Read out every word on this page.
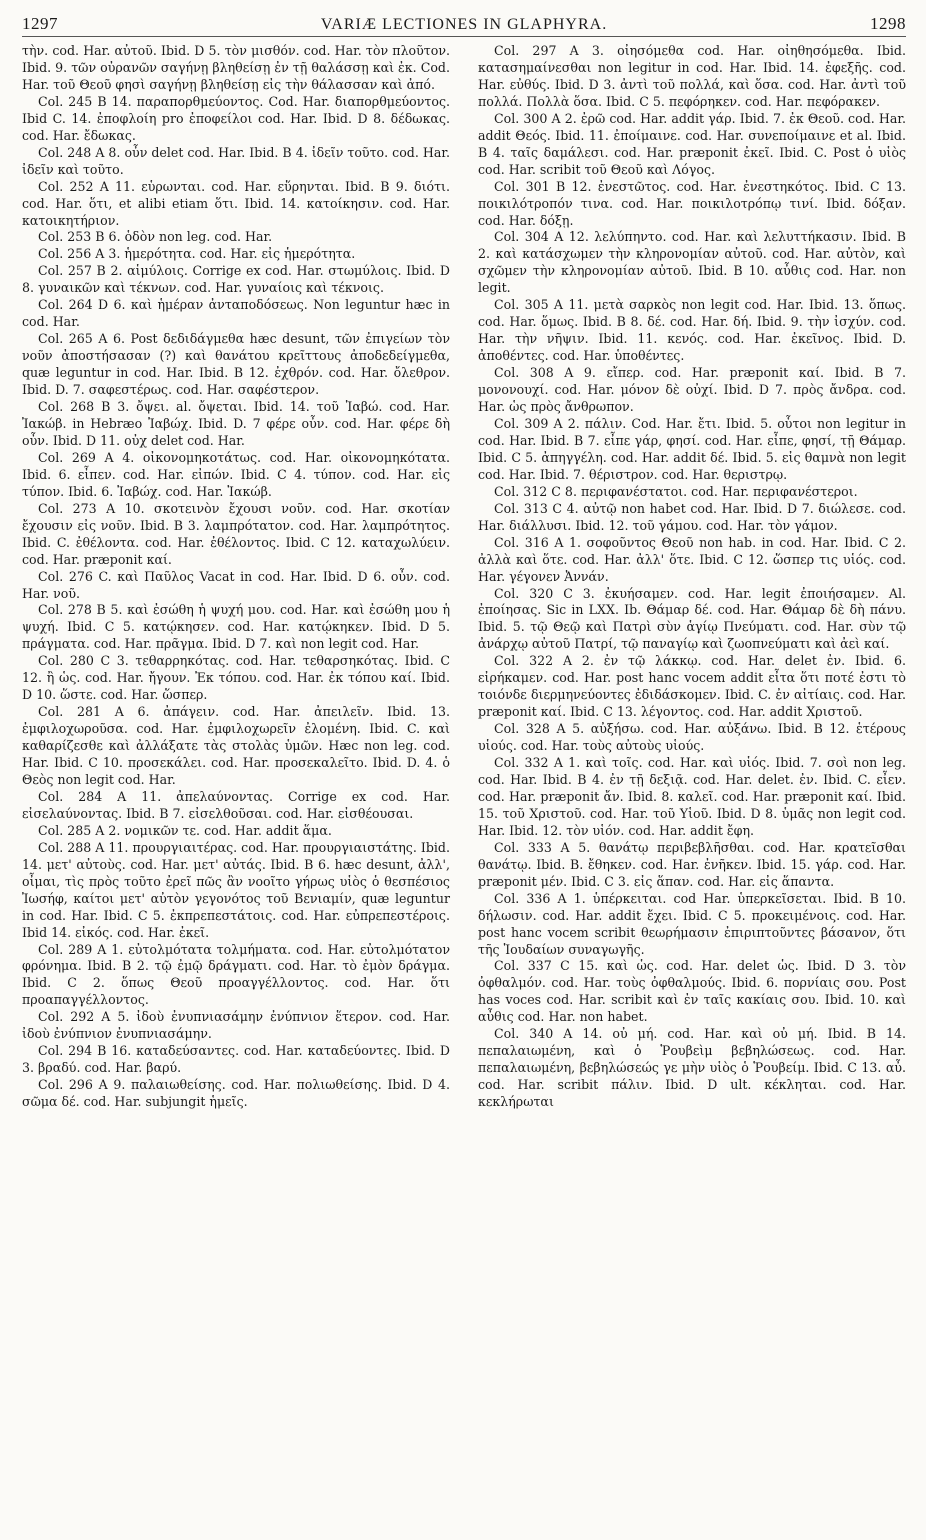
1297	VARIÆ LECTIONES IN GLAPHYRA.	1298

τὴν. cod. Har. αὐτοῦ. Ibid. D 5. τὸν μισθόν. cod. Har. τὸν πλοῦτον. Ibid. 9. τῶν οὐρανῶν σαγήνῃ βληθείσῃ ἐν τῇ θαλάσσῃ καὶ ἐκ. Cod. Har. τοῦ Θεοῦ φησὶ σαγήνῃ βληθείσῃ εἰς τὴν θάλασσαν καὶ ἀπό.

Col. 245 B 14. παραπορθμεύοντος. Cod. Har. διαπορθμεύοντος. Ibid C. 14. ἐποφλοίη pro ἐποφείλοι cod. Har. Ibid. D 8. δέδωκας. cod. Har. ἔδωκας.

Col. 248 A 8. οὖν delet cod. Har. Ibid. B 4. ἰδεῖν τοῦτο. cod. Har. ἰδεῖν καὶ τοῦτο.

Col. 252 A 11. εὑρωνται. cod. Har. εὕρηνται. Ibid. B 9. διότι. cod. Har. ὅτι, et alibi etiam ὅτι. Ibid. 14. κατοίκησιν. cod. Har. κατοικητήριον.

Col. 253 B 6. ὁδὸν non leg. cod. Har.

Col. 256 A 3. ἡμερότητα. cod. Har. εἰς ἡμερότητα.

Col. 257 B 2. αἱμύλοις. Corrige ex cod. Har. στωμύλοις. Ibid. D 8. γυναικῶν καὶ τέκνων. cod. Har. γυναίοις καὶ τέκνοις.

Col. 264 D 6. καὶ ἡμέραν ἀνταποδόσεως. Non leguntur hæc in cod. Har.

Col. 265 A 6. Post δεδιδάγμεθα hæc desunt, τῶν ἐπιγείων τὸν νοῦν ἀποστήσασαν (?) καὶ θανάτου κρεῖττους ἀποδεδείγμεθα, quæ leguntur in cod. Har. Ibid. B 12. ἐχθρόν. cod. Har. ὄλεθρον. Ibid. D. 7. σαφεστέρως. cod. Har. σαφέστερον.

Col. 268 B 3. ὄψει. al. ὄψεται. Ibid. 14. τοῦ Ἰαβώ. cod. Har. Ἰακώβ. in Hebræo Ἰαβώχ. Ibid. D. 7 φέρε οὖν. cod. Har. φέρε δὴ οὖν. Ibid. D 11. οὐχ delet cod. Har.

Col. 269 A 4. οἰκονομηκοτάτως. cod. Har. οἰκονομηκότατα. Ibid. 6. εἶπεν. cod. Har. εἰπών. Ibid. C 4. τύπον. cod. Har. εἰς τύπον. Ibid. 6. Ἰαβώχ. cod. Har. Ἰακώβ.

Col. 273 A 10. σκοτεινὸν ἔχουσι νοῦν. cod. Har. σκοτίαν ἔχουσιν εἰς νοῦν. Ibid. B 3. λαμπρότατον. cod. Har. λαμπρότητος. Ibid. C. ἐθέλοντα. cod. Har. ἐθέλοντος. Ibid. C 12. καταχωλύειν. cod. Har. præponit καί.

Col. 276 C. καὶ Παῦλος Vacat in cod. Har. Ibid. D 6. οὖν. cod. Har. νοῦ.

Col. 278 B 5. καὶ ἐσώθη ἡ ψυχή μου. cod. Har. καὶ ἐσώθη μου ἡ ψυχή. Ibid. C 5. κατῴκησεν. cod. Har. κατῴκηκεν. Ibid. D 5. πράγματα. cod. Har. πρᾶγμα. Ibid. D 7. καὶ non legit cod. Har.

Col. 280 C 3. τεθαρρηκότας. cod. Har. τεθαρσηκότας. Ibid. C 12. ἢ ὡς. cod. Har. ἤγουν. Ἐκ τόπου. cod. Har. ἐκ τόπου καί. Ibid. D 10. ὥστε. cod. Har. ὥσπερ.

Col. 281 A 6. ἀπάγειν. cod. Har. ἀπειλεῖν. Ibid. 13. ἐμφιλοχωροῦσα. cod. Har. ἐμφιλοχωρεῖν ἐλομένη. Ibid. C. καὶ καθαρίζεσθε καὶ ἀλλάξατε τὰς στολὰς ὑμῶν. Hæc non leg. cod. Har. Ibid. C 10. προσεκάλει. cod. Har. προσεκαλεῖτο. Ibid. D. 4. ὁ Θεὸς non legit cod. Har.

Col. 284 A 11. ἀπελαύνοντας. Corrige ex cod. Har. εἰσελαύνοντας. Ibid. B 7. εἰσελθοῦσαι. cod. Har. εἰσθέουσαι.

Col. 285 A 2. νομικῶν τε. cod. Har. addit ἅμα.

Col. 288 A 11. προυργιαιτέρας. cod. Har. προυργιαιστάτης. Ibid. 14. μετ' αὐτοὺς. cod. Har. μετ' αὐτάς. Ibid. B 6. hæc desunt, ἀλλ', οἶμαι, τὶς πρὸς τοῦτο ἐρεῖ πῶς ἂν νοοῖτο γήρως υἱὸς ὁ θεσπέσιος Ἰωσήφ, καίτοι μετ' αὐτὸν γεγονότος τοῦ Βενιαμίν, quæ leguntur in cod. Har. Ibid. C 5. ἐκπρεπεστάτοις. cod. Har. εὐπρεπεστέροις. Ibid 14. εἰκός. cod. Har. ἐκεῖ.

Col. 289 A 1. εὐτολμότατα τολμήματα. cod. Har. εὐτολμότατον φρόνημα. Ibid. B 2. τῷ ἐμῷ δράγματι. cod. Har. τὸ ἐμὸν δράγμα. Ibid. C 2. ὅπως Θεοῦ προαγγέλλοντος. cod. Har. ὅτι προαπαγγέλλοντος.

Col. 292 A 5. ἰδοὺ ἐνυπνιασάμην ἐνύπνιον ἕτερον. cod. Har. ἰδοὺ ἐνύπνιον ἐνυπνιασάμην.

Col. 294 B 16. καταδεύσαντες. cod. Har. καταδεύοντες. Ibid. D 3. βραδύ. cod. Har. βαρύ.

Col. 296 A 9. παλαιωθείσης. cod. Har. πολιωθείσης. Ibid. D 4. σῶμα δέ. cod. Har. subjungit ἡμεῖς.

Col. 297 A 3. οἰησόμεθα cod. Har. οἰηθησόμεθα. Ibid. κατασημαίνεσθαι non legitur in cod. Har. Ibid. 14. ἐφεξῆς. cod. Har. εὐθύς. Ibid. D 3. ἀντὶ τοῦ πολλά, καὶ ὅσα. cod. Har. ἀντὶ τοῦ πολλά. Πολλὰ ὅσα. Ibid. C 5. πεφόρηκεν. cod. Har. πεφόρακεν.

Col. 300 A 2. ἐρῶ cod. Har. addit γάρ. Ibid. 7. ἐκ Θεοῦ. cod. Har. addit Θεός. Ibid. 11. ἐποίμαινε. cod. Har. συνεποίμαινε et al. Ibid. B 4. ταῖς δαμάλεσι. cod. Har. præponit ἐκεῖ. Ibid. C. Post ὁ υἱὸς cod. Har. scribit τοῦ Θεοῦ καὶ Λόγος.

Col. 301 B 12. ἐνεστῶτος. cod. Har. ἐνεστηκότος. Ibid. C 13. ποικιλότροπόν τινα. cod. Har. ποικιλοτρόπῳ τινί. Ibid. δόξαν. cod. Har. δόξῃ.

Col. 304 A 12. λελύπηντο. cod. Har. καὶ λελυττήκασιν. Ibid. B 2. καὶ κατάσχωμεν τὴν κληρονομίαν αὐτοῦ. cod. Har. αὐτὸν, καὶ σχῶμεν τὴν κληρονομίαν αὐτοῦ. Ibid. B 10. αὖθις cod. Har. non legit.

Col. 305 A 11. μετὰ σαρκὸς non legit cod. Har. Ibid. 13. ὅπως. cod. Har. ὅμως. Ibid. B 8. δέ. cod. Har. δή. Ibid. 9. τὴν ἰσχύν. cod. Har. τὴν νῆψιν. Ibid. 11. κενός. cod. Har. ἐκεῖνος. Ibid. D. ἀποθέντες. cod. Har. ὑποθέντες.

Col. 308 A 9. εἴπερ. cod. Har. præponit καί. Ibid. B 7. μονονουχί. cod. Har. μόνον δὲ οὐχί. Ibid. D 7. πρὸς ἄνδρα. cod. Har. ὡς πρὸς ἄνθρωπον.

Col. 309 A 2. πάλιν. Cod. Har. ἔτι. Ibid. 5. οὗτοι non legitur in cod. Har. Ibid. B 7. εἶπε γάρ, φησί. cod. Har. εἶπε, φησί, τῇ Θάμαρ. Ibid. C 5. ἀπηγγέλη. cod. Har. addit δέ. Ibid. 5. εἰς θαμνὰ non legit cod. Har. Ibid. 7. θέριστρον. cod. Har. θεριστρῳ.

Col. 312 C 8. περιφανέστατοι. cod. Har. περιφανέστεροι.

Col. 313 C 4. αὐτῷ non habet cod. Har. Ibid. D 7. διώλεσε. cod. Har. διάλλυσι. Ibid. 12. τοῦ γάμου. cod. Har. τὸν γάμον.

Col. 316 A 1. σοφοῦντος Θεοῦ non hab. in cod. Har. Ibid. C 2. ἀλλὰ καὶ ὅτε. cod. Har. ἀλλ' ὅτε. Ibid. C 12. ὥσπερ τις υἱός. cod. Har. γέγονεν Ἀννάν.

Col. 320 C 3. ἐκυήσαμεν. cod. Har. legit ἐποιήσαμεν. Al. ἐποίησας. Sic in LXX. Ib. Θάμαρ δέ. cod. Har. Θάμαρ δὲ δὴ πάνυ. Ibid. 5. τῷ Θεῷ καὶ Πατρὶ σὺν ἁγίῳ Πνεύματι. cod. Har. σὺν τῷ ἀνάρχῳ αὐτοῦ Πατρί, τῷ παναγίῳ καὶ ζωοπνεύματι καὶ ἀεὶ καί.

Col. 322 A 2. ἐν τῷ λάκκῳ. cod. Har. delet ἐν. Ibid. 6. εἰρήκαμεν. cod. Har. post hanc vocem addit εἶτα ὅτι ποτέ ἐστι τὸ τοιόνδε διερμηνεύοντες ἐδιδάσκομεν. Ibid. C. ἐν αἰτίαις. cod. Har. præponit καί. Ibid. C 13. λέγοντος. cod. Har. addit Χριστοῦ.

Col. 328 A 5. αὐξήσω. cod. Har. αὐξάνω. Ibid. B 12. ἑτέρους υἱούς. cod. Har. τοὺς αὐτοὺς υἱούς.

Col. 332 A 1. καὶ τοῖς. cod. Har. καὶ υἱός. Ibid. 7. σοὶ non leg. cod. Har. Ibid. B 4. ἐν τῇ δεξιᾷ. cod. Har. delet. ἐν. Ibid. C. εἶεν. cod. Har. præponit ἄν. Ibid. 8. καλεῖ. cod. Har. præponit καί. Ibid. 15. τοῦ Χριστοῦ. cod. Har. τοῦ Υἱοῦ. Ibid. D 8. ὑμᾶς non legit cod. Har. Ibid. 12. τὸν υἱόν. cod. Har. addit ἔφη.

Col. 333 A 5. θανάτῳ περιβεβλῆσθαι. cod. Har. κρατεῖσθαι θανάτῳ. Ibid. B. ἔθηκεν. cod. Har. ἐνῆκεν. Ibid. 15. γάρ. cod. Har. præponit μέν. Ibid. C 3. εἰς ἅπαν. cod. Har. εἰς ἅπαντα.

Col. 336 A 1. ὑπέρκειται. cod Har. ὑπερκεῖσεται. Ibid. B 10. δήλωσιν. cod. Har. addit ἔχει. Ibid. C 5. προκειμένοις. cod. Har. post hanc vocem scribit θεωρήμασιν ἐπιριπτοῦντες βάσανον, ὅτι τῆς Ἰουδαίων συναγωγῆς.

Col. 337 C 15. καὶ ὡς. cod. Har. delet ὡς. Ibid. D 3. τὸν ὀφθαλμόν. cod. Har. τοὺς ὀφθαλμούς. Ibid. 6. πορνίαις σου. Post has voces cod. Har. scribit καὶ ἐν ταῖς κακίαις σου. Ibid. 10. καὶ αὖθις cod. Har. non habet.

Col. 340 A 14. οὐ μή. cod. Har. καὶ οὐ μή. Ibid. B 14. πεπαλαιωμένη, καὶ ὁ Ῥουβεὶμ βεβηλώσεως. cod. Har. πεπαλαιωμένη, βεβηλώσεώς γε μὴν υἱὸς ὁ Ῥουβείμ. Ibid. C 13. αὖ. cod. Har. scribit πάλιν. Ibid. D ult. κέκληται. cod. Har. κεκλήρωται
